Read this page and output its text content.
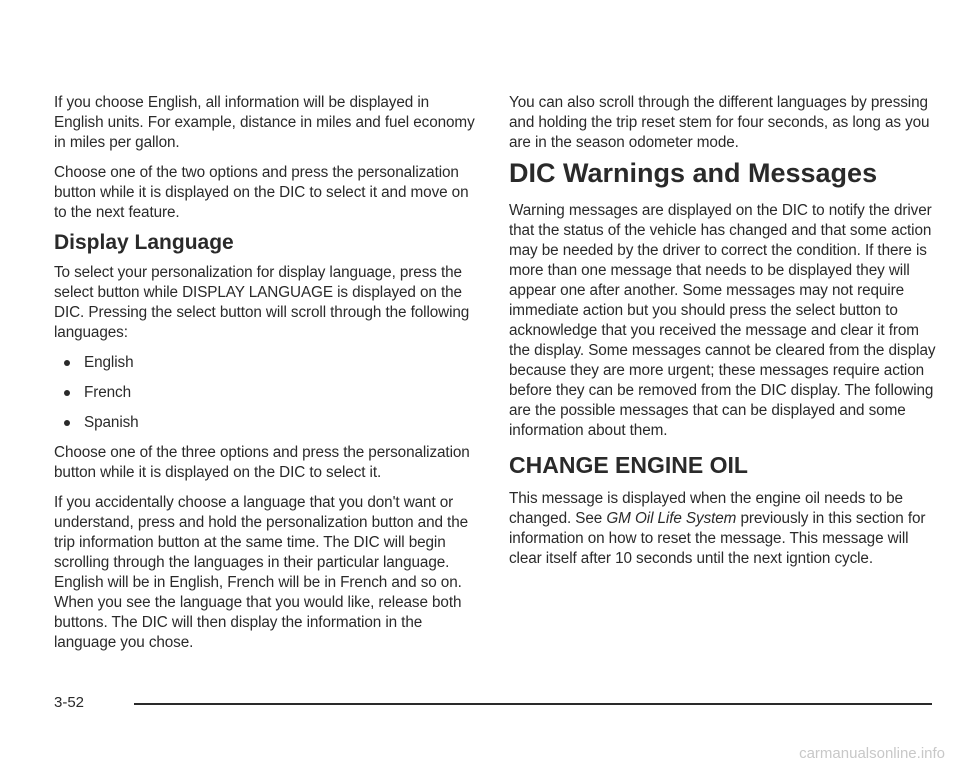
If you choose English, all information will be displayed in English units. For example, distance in miles and fuel economy in miles per gallon.

Choose one of the two options and press the personalization button while it is displayed on the DIC to select it and move on to the next feature.

Display Language

To select your personalization for display language, press the select button while DISPLAY LANGUAGE is displayed on the DIC. Pressing the select button will scroll through the following languages:

English
French
Spanish

Choose one of the three options and press the personalization button while it is displayed on the DIC to select it.

If you accidentally choose a language that you don't want or understand, press and hold the personalization button and the trip information button at the same time. The DIC will begin scrolling through the languages in their particular language. English will be in English, French will be in French and so on. When you see the language that you would like, release both buttons. The DIC will then display the information in the language you chose.

You can also scroll through the different languages by pressing and holding the trip reset stem for four seconds, as long as you are in the season odometer mode.

DIC Warnings and Messages

Warning messages are displayed on the DIC to notify the driver that the status of the vehicle has changed and that some action may be needed by the driver to correct the condition. If there is more than one message that needs to be displayed they will appear one after another. Some messages may not require immediate action but you should press the select button to acknowledge that you received the message and clear it from the display. Some messages cannot be cleared from the display because they are more urgent; these messages require action before they can be removed from the DIC display. The following are the possible messages that can be displayed and some information about them.

CHANGE ENGINE OIL

This message is displayed when the engine oil needs to be changed. See GM Oil Life System previously in this section for information on how to reset the message. This message will clear itself after 10 seconds until the next igntion cycle.

3-52
carmanualsonline.info
